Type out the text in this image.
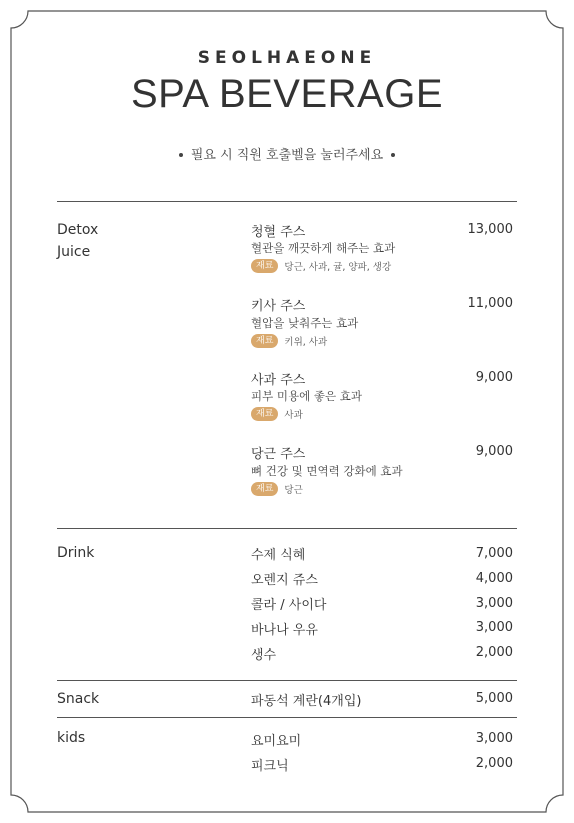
SEOLHAEONE
SPA BEVERAGE
필요 시 직원 호출벨을 눌러주세요
Detox
Juice
청혈 주스	13,000
혈관을 깨끗하게 해주는 효과
재료	당근, 사과, 귤, 양파, 생강
키사 주스	11,000
혈압을 낮춰주는 효과
재료	키위, 사과
사과 주스	9,000
피부 미용에 좋은 효과
재료	사과
당근 주스	9,000
뼈 건강 및 면역력 강화에 효과
재료	당근
Drink	수제 식혜	7,000
오렌지 쥬스	4,000
콜라 / 사이다	3,000
바나나 우유	3,000
생수	2,000
Snack	파동석 계란(4개입)	5,000
kids	요미요미	3,000
피크닉	2,000
